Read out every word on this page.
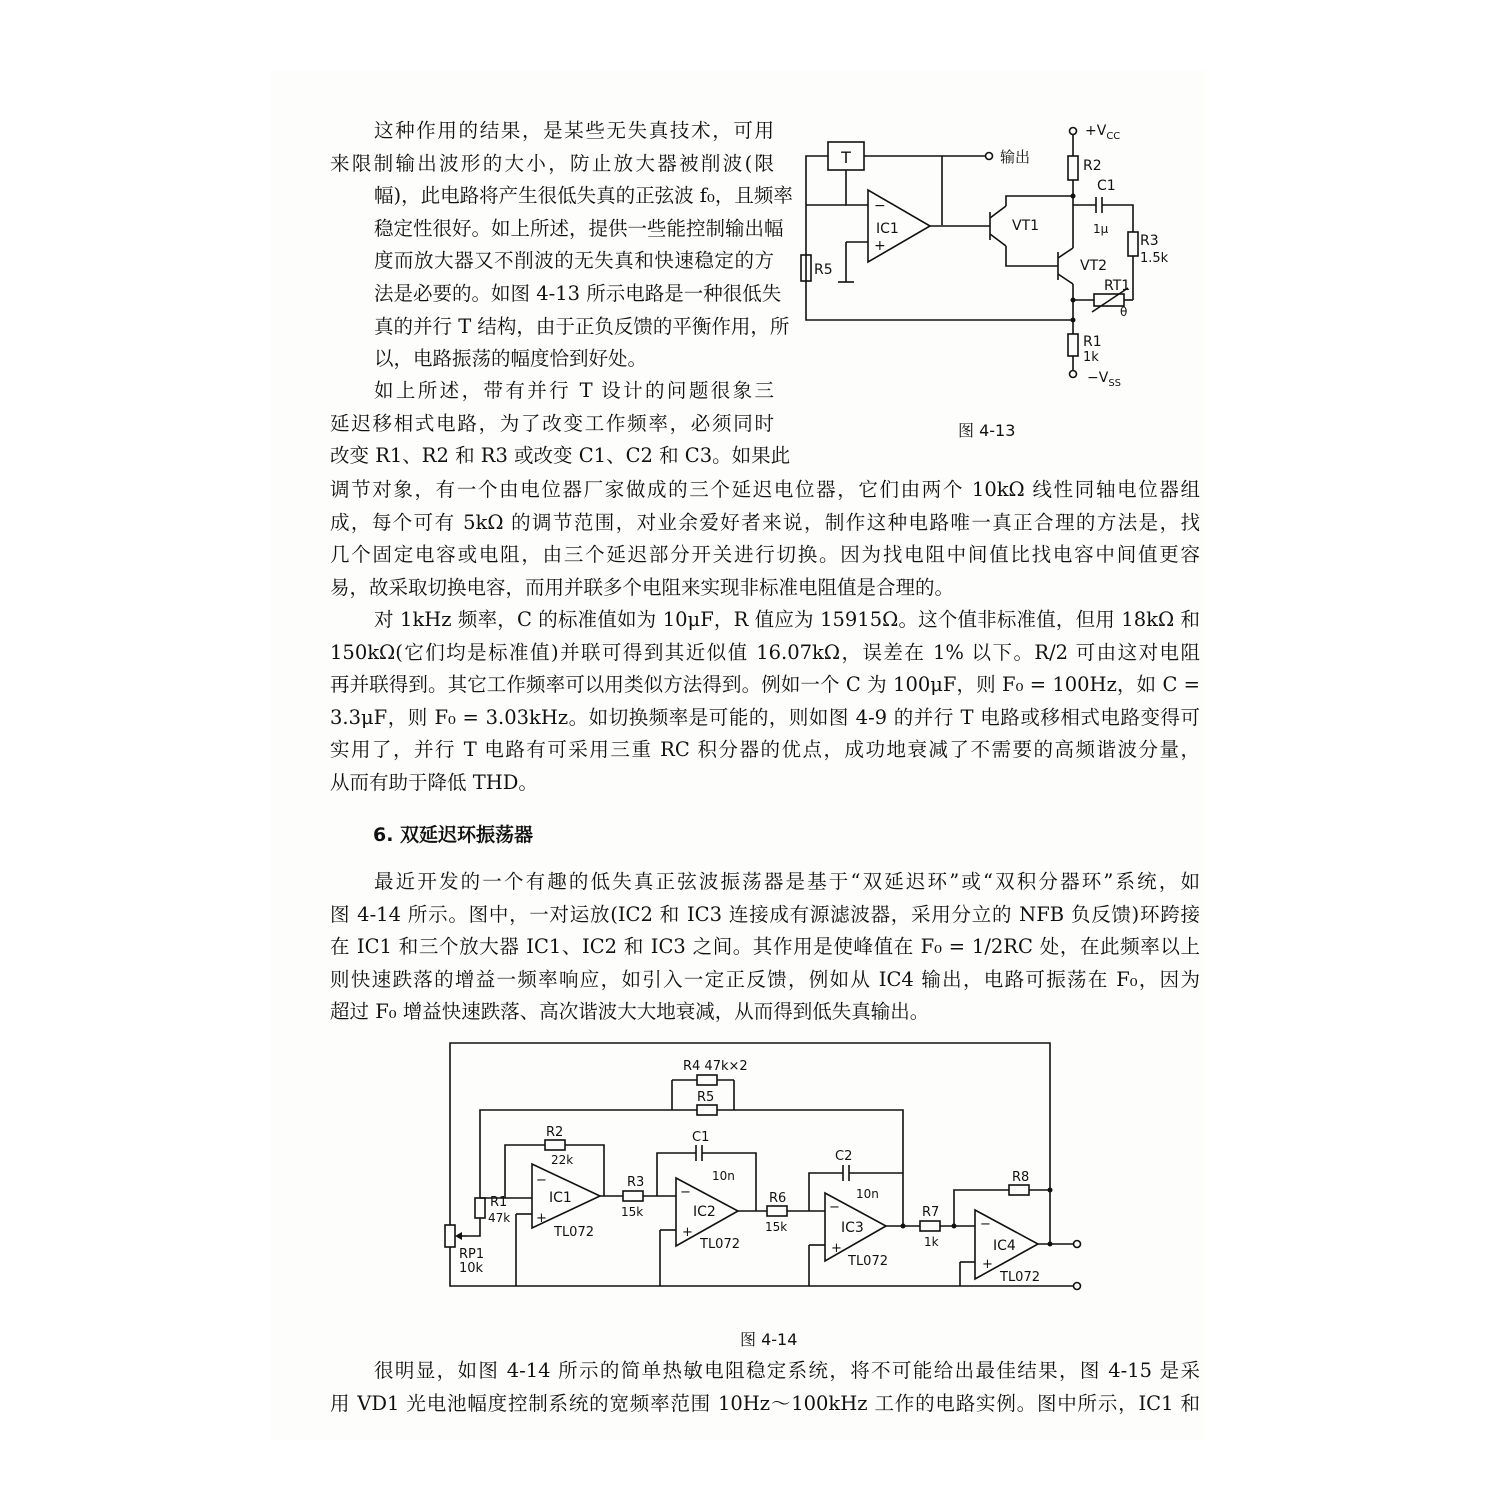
这种作用的结果，是某些无失真技术，可用
来限制输出波形的大小，防止放大器被削波(限
幅)，此电路将产生很低失真的正弦波 f₀，且频率
稳定性很好。如上所述，提供一些能控制输出幅
度而放大器又不削波的无失真和快速稳定的方
法是必要的。如图 4-13 所示电路是一种很低失
真的并行 T 结构，由于正负反馈的平衡作用，所
以，电路振荡的幅度恰到好处。
如上所述，带有并行 T 设计的问题很象三
延迟移相式电路，为了改变工作频率，必须同时
改变 R1、R2 和 R3 或改变 C1、C2 和 C3。如果此
调节对象，有一个由电位器厂家做成的三个延迟电位器，它们由两个 10kΩ 线性同轴电位器组
成，每个可有 5kΩ 的调节范围，对业余爱好者来说，制作这种电路唯一真正合理的方法是，找
几个固定电容或电阻，由三个延迟部分开关进行切换。因为找电阻中间值比找电容中间值更容
易，故采取切换电容，而用并联多个电阻来实现非标准电阻值是合理的。
对 1kHz 频率，C 的标准值如为 10μF，R 值应为 15915Ω。这个值非标准值，但用 18kΩ 和
150kΩ(它们均是标准值)并联可得到其近似值 16.07kΩ，误差在 1% 以下。R/2 可由这对电阻
再并联得到。其它工作频率可以用类似方法得到。例如一个 C 为 100μF，则 F₀ = 100Hz，如 C =
3.3μF，则 F₀ = 3.03kHz。如切换频率是可能的，则如图 4-9 的并行 T 电路或移相式电路变得可
实用了，并行 T 电路有可采用三重 RC 积分器的优点，成功地衰减了不需要的高频谐波分量，
从而有助于降低 THD。
6. 双延迟环振荡器
最近开发的一个有趣的低失真正弦波振荡器是基于“双延迟环”或“双积分器环”系统，如
图 4-14 所示。图中，一对运放(IC2 和 IC3 连接成有源滤波器，采用分立的 NFB 负反馈)环跨接
在 IC1 和三个放大器 IC1、IC2 和 IC3 之间。其作用是使峰值在 F₀ = 1/2RC 处，在此频率以上
则快速跌落的增益一频率响应，如引入一定正反馈，例如从 IC4 输出，电路可振荡在 F₀，因为
超过 F₀ 增益快速跌落、高次谐波大大地衰减，从而得到低失真输出。
很明显，如图 4-14 所示的简单热敏电阻稳定系统，将不可能给出最佳结果，图 4-15 是采
用 VD1 光电池幅度控制系统的宽频率范围 10Hz～100kHz 工作的电路实例。图中所示，IC1 和
T
R5
输出
IC1
−
+
VT1
VT2
$+V_{CC}$
R2
C1
1μ
R3
1.5k
RT1
θ
R1
1k
$-V_{SS}$
图 4-13
R4 47k×2
R5
R2
22k
RP1
10k
R1
47k
−
+
IC1
TL072
R3
15k
C1
10n
−
+
IC2
TL072
R6
15k
C2
10n
−
+
IC3
TL072
R7
1k
R8
−
+
IC4
TL072
图 4-14
